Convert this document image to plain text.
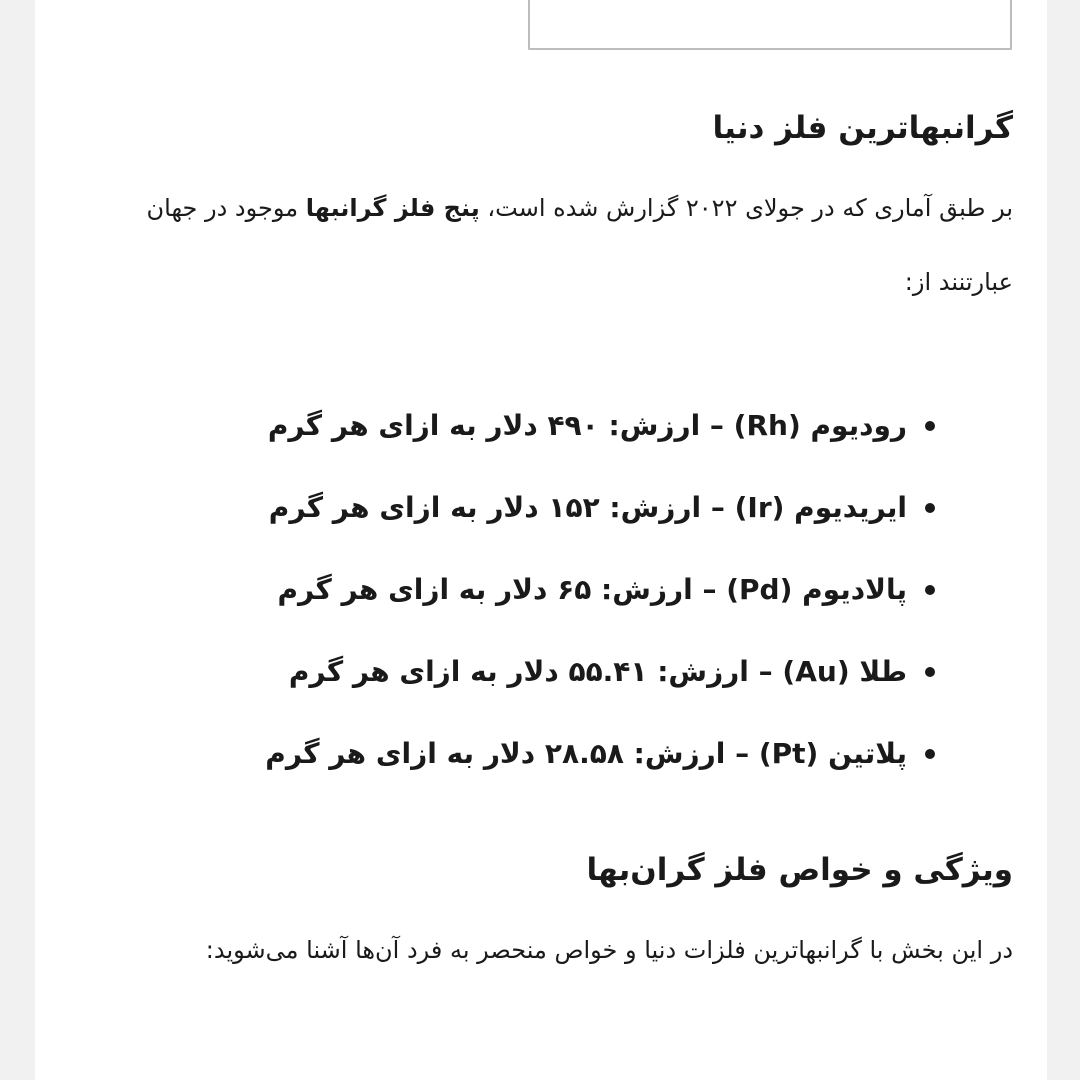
گرانبهاترین فلز دنیا

بر طبق آماری که در جولای ۲۰۲۲ گزارش شده است، پنج فلز گرانبها موجود در جهان عبارتنند از:

رودیوم (Rh) – ارزش: ۴۹۰ دلار به ازای هر گرم
ایریدیوم (Ir) – ارزش: ۱۵۲ دلار به ازای هر گرم
پالادیوم (Pd) – ارزش: ۶۵ دلار به ازای هر گرم
طلا (Au) – ارزش: ۵۵.۴۱ دلار به ازای هر گرم
پلاتین (Pt) – ارزش: ۲۸.۵۸ دلار به ازای هر گرم
ویژگی و خواص فلز گران‌بها

در این بخش با گرانبهاترین فلزات دنیا و خواص منحصر به فرد آن‌ها آشنا می‌شوید:
